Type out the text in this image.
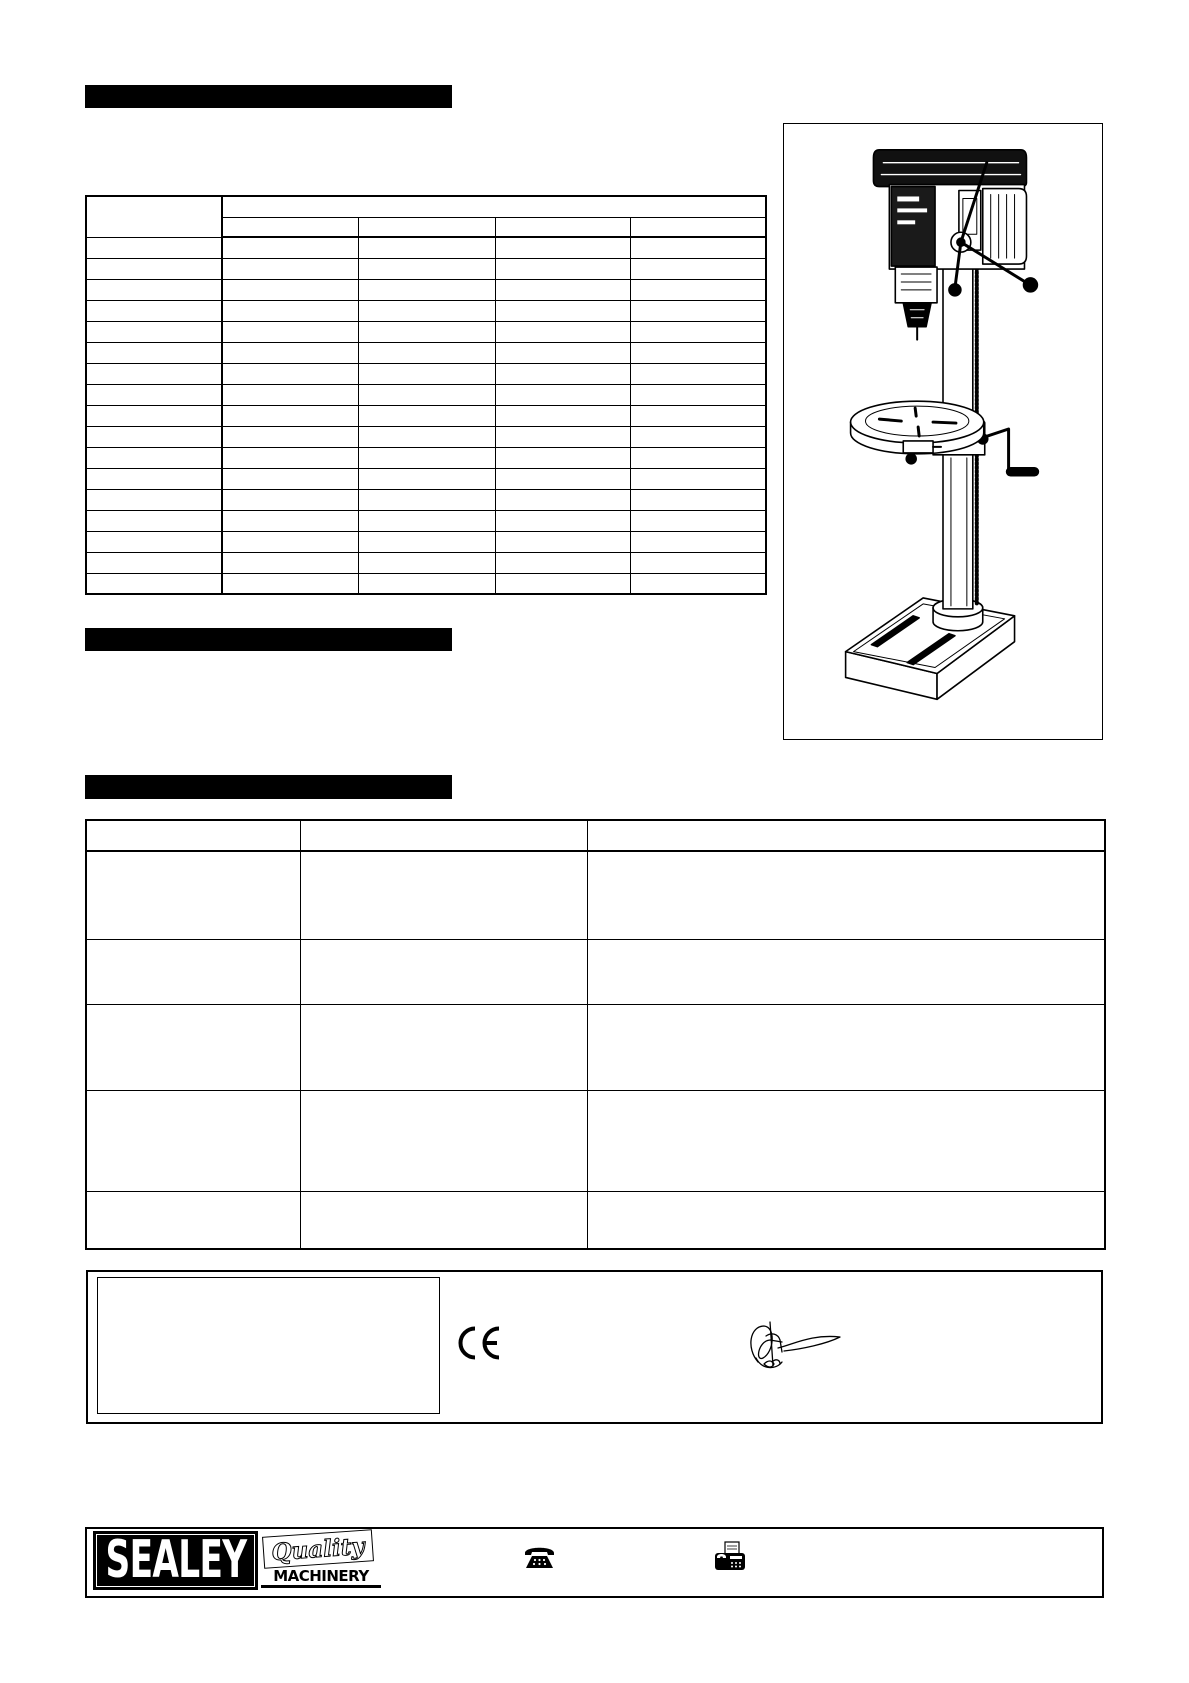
SEALEY	Quality
MACHINERY
